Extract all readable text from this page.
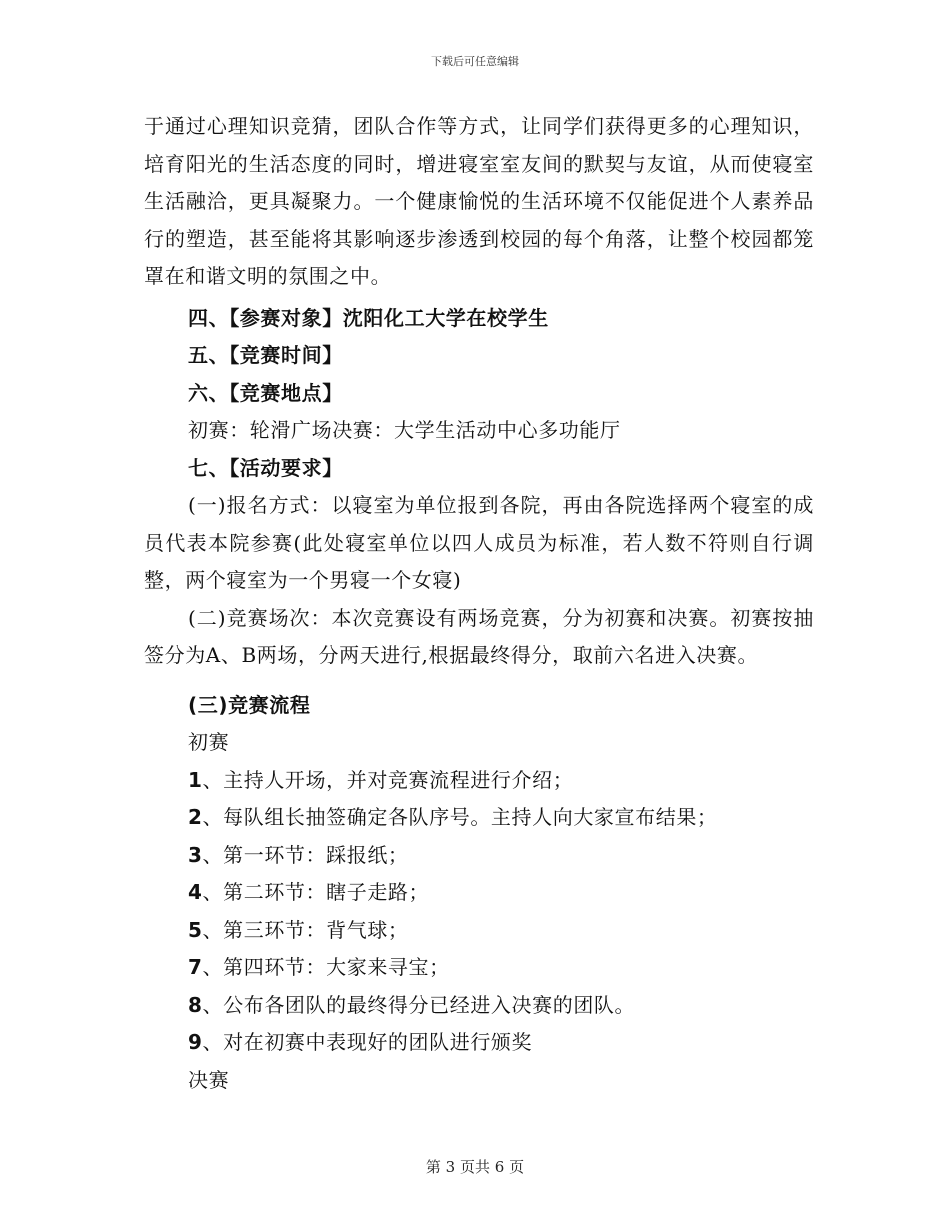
下载后可任意编辑

于通过心理知识竞猜，团队合作等方式，让同学们获得更多的心理知识，培育阳光的生活态度的同时，增进寝室室友间的默契与友谊，从而使寝室生活融洽，更具凝聚力。一个健康愉悦的生活环境不仅能促进个人素养品行的塑造，甚至能将其影响逐步渗透到校园的每个角落，让整个校园都笼罩在和谐文明的氛围之中。

四、【参赛对象】沈阳化工大学在校学生

五、【竞赛时间】

六、【竞赛地点】

初赛：轮滑广场决赛：大学生活动中心多功能厅

七、【活动要求】

(一)报名方式：以寝室为单位报到各院，再由各院选择两个寝室的成员代表本院参赛(此处寝室单位以四人成员为标准，若人数不符则自行调整，两个寝室为一个男寝一个女寝)

(二)竞赛场次：本次竞赛设有两场竞赛，分为初赛和决赛。初赛按抽签分为A、B两场，分两天进行,根据最终得分，取前六名进入决赛。

(三)竞赛流程

初赛

1、主持人开场，并对竞赛流程进行介绍；

2、每队组长抽签确定各队序号。主持人向大家宣布结果；

3、第一环节：踩报纸；

4、第二环节：瞎子走路；

5、第三环节：背气球；

7、第四环节：大家来寻宝；

8、公布各团队的最终得分已经进入决赛的团队。

9、对在初赛中表现好的团队进行颁奖

决赛

第 3 页共 6 页
